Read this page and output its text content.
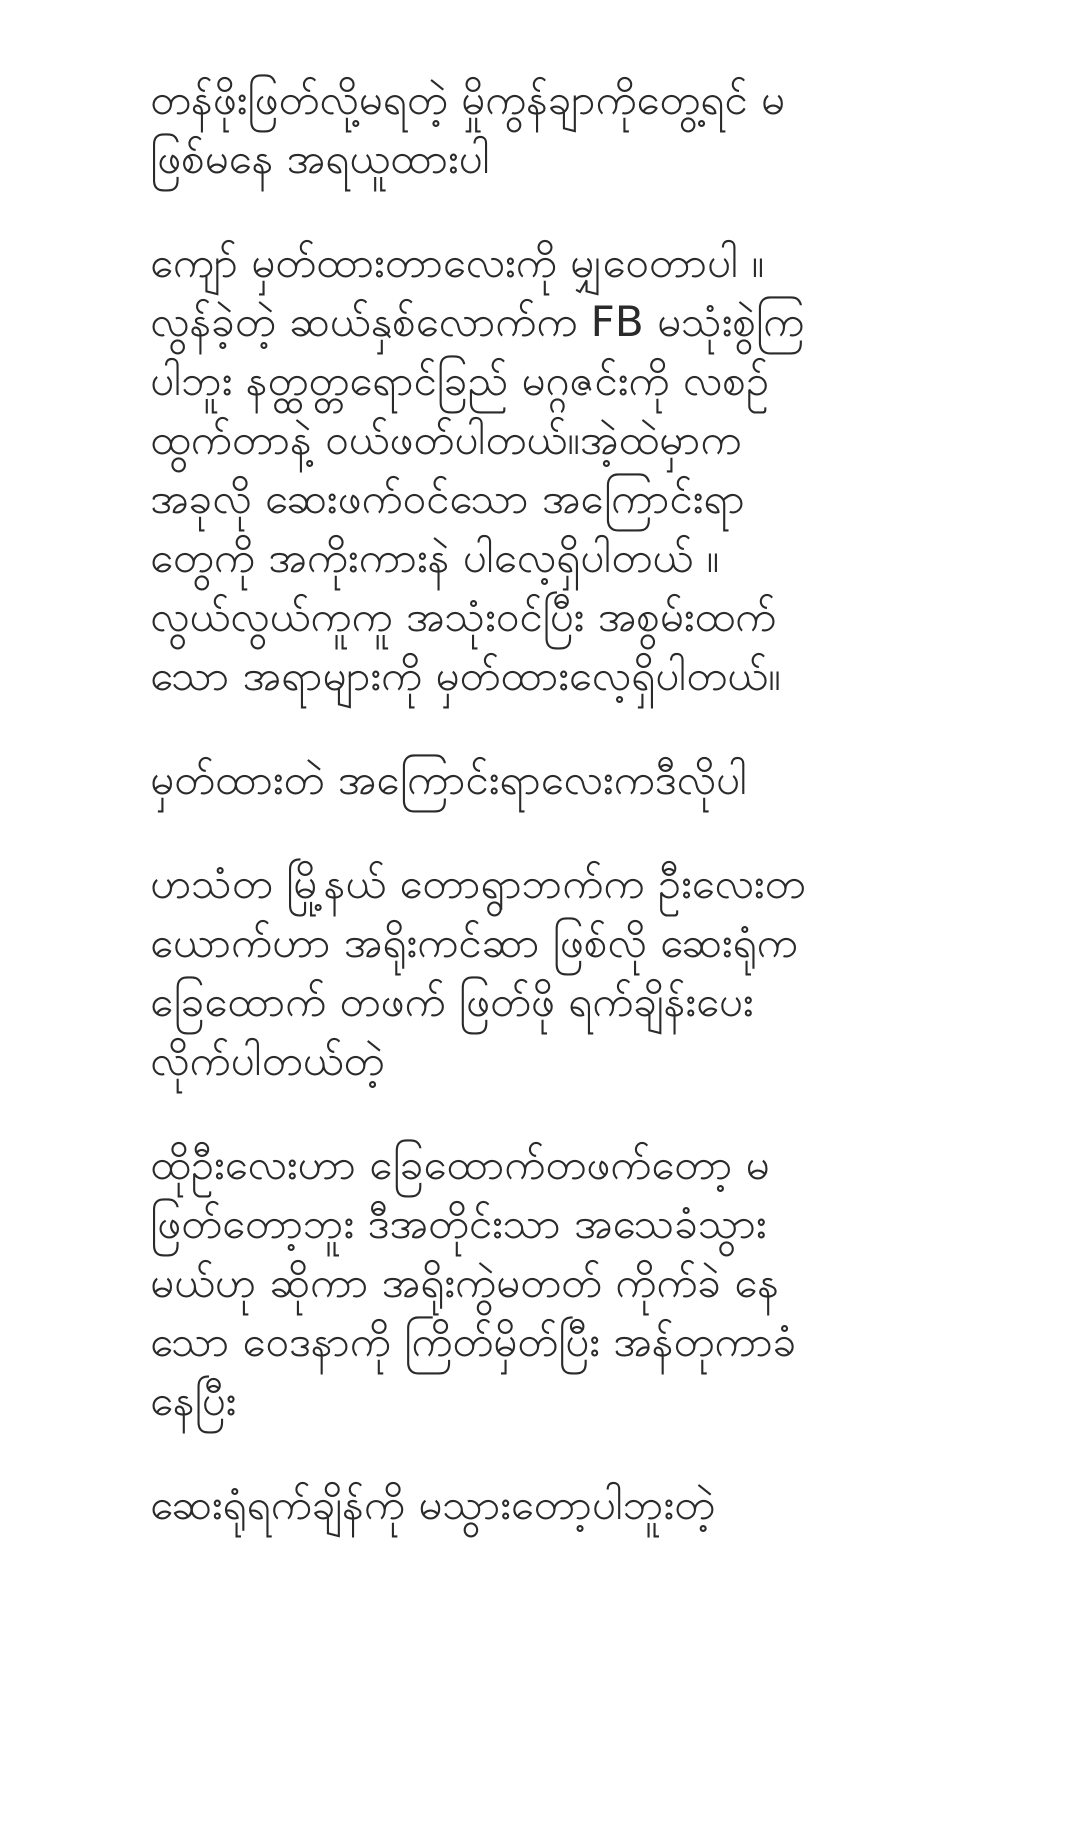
တန်ဖိုးဖြတ်လို့မရတဲ့ မှိုကွန်ချာကိုတွေ့ရင် မ
ဖြစ်မနေ အရယူထားပါ

ကျော် မှတ်ထားတာလေးကို မျှဝေတာပါ ။
လွန်ခဲ့တဲ့ ဆယ်နှစ်လောက်က FB မသုံးစွဲကြ
ပါဘူး နတ္ထတ္တရောင်ခြည် မဂ္ဂဇင်းကို လစဉ်
ထွက်တာနဲ့ ဝယ်ဖတ်ပါတယ်။အဲ့ထဲမှာက
အခုလို ဆေးဖက်ဝင်သော အကြောင်းရာ
တွေကို အကိုးကားနဲ ပါလေ့ရှိပါတယ် ။
လွယ်လွယ်ကူကူ အသုံးဝင်ပြီး အစွမ်းထက်
သော အရာများကို မှတ်ထားလေ့ရှိပါတယ်။

မှတ်ထားတဲ အကြောင်းရာလေးကဒီလိုပါ

ဟသံတ မြို့နယ် တောရွာဘက်က ဦးလေးတ
ယောက်ဟာ အရိုးကင်ဆာ ဖြစ်လို ဆေးရုံက
ခြေထောက် တဖက် ဖြတ်ဖို ရက်ချိန်းပေး
လိုက်ပါတယ်တဲ့

ထိုဦးလေးဟာ ခြေထောက်တဖက်တော့ မ
ဖြတ်တော့ဘူး ဒီအတိုင်းသာ အသေခံသွား
မယ်ဟု ဆိုကာ အရိုးကွဲမတတ် ကိုက်ခဲ နေ
သော ဝေဒနာကို ကြိတ်မှိတ်ပြီး အန်တုကာခံ
နေပြီး

ဆေးရုံရက်ချိန်ကို မသွားတော့ပါဘူးတဲ့
